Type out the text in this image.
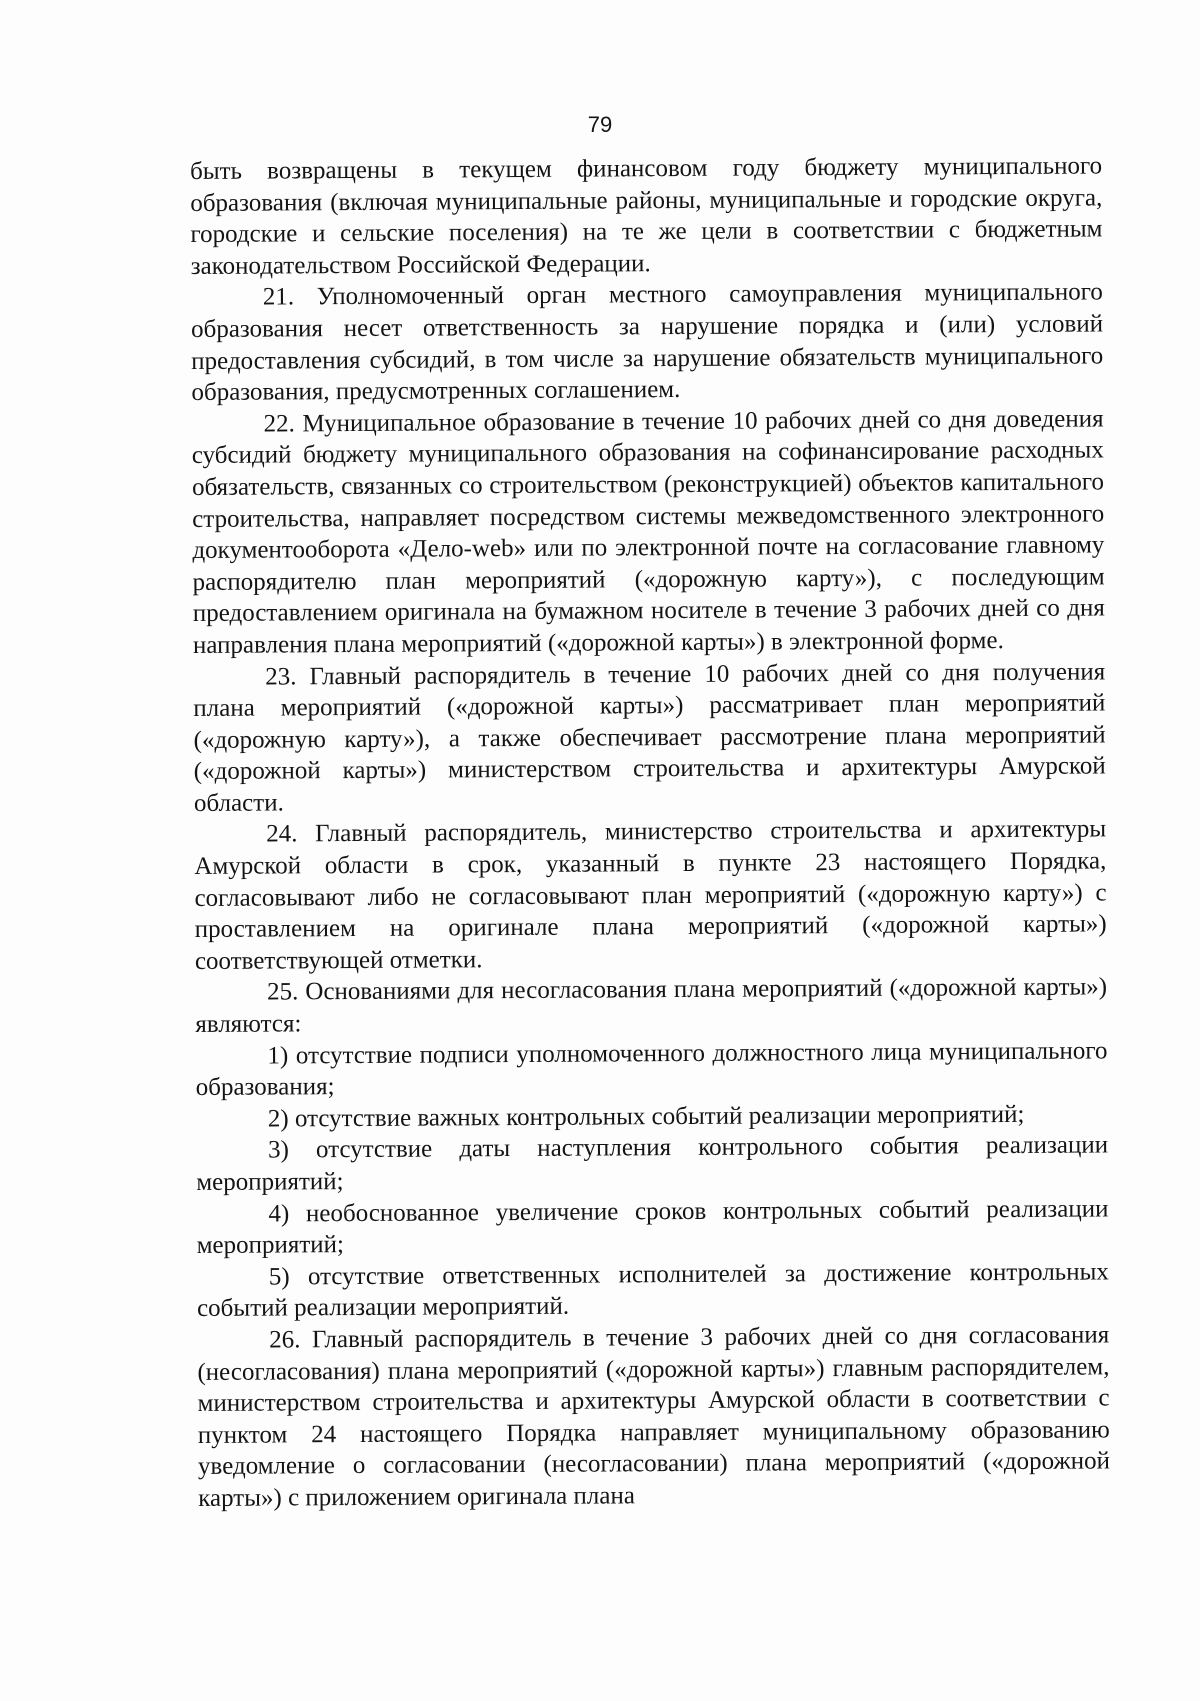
79

быть возвращены в текущем финансовом году бюджету муниципального образования (включая муниципальные районы, муниципальные и городские округа, городские и сельские поселения) на те же цели в соответствии с бюджетным законодательством Российской Федерации.

21. Уполномоченный орган местного самоуправления муниципального образования несет ответственность за нарушение порядка и (или) условий предоставления субсидий, в том числе за нарушение обязательств муниципального образования, предусмотренных соглашением.

22. Муниципальное образование в течение 10 рабочих дней со дня доведения субсидий бюджету муниципального образования на софинансирование расходных обязательств, связанных со строительством (реконструкцией) объектов капитального строительства, направляет посредством системы межведомственного электронного документооборота «Дело-web» или по электронной почте на согласование главному распорядителю план мероприятий («дорожную карту»), с последующим предоставлением оригинала на бумажном носителе в течение 3 рабочих дней со дня направления плана мероприятий («дорожной карты») в электронной форме.

23. Главный распорядитель в течение 10 рабочих дней со дня получения плана мероприятий («дорожной карты») рассматривает план мероприятий («дорожную карту»), а также обеспечивает рассмотрение плана мероприятий («дорожной карты») министерством строительства и архитектуры Амурской области.

24. Главный распорядитель, министерство строительства и архитектуры Амурской области в срок, указанный в пункте 23 настоящего Порядка, согласовывают либо не согласовывают план мероприятий («дорожную карту») с проставлением на оригинале плана мероприятий («дорожной карты») соответствующей отметки.

25. Основаниями для несогласования плана мероприятий («дорожной карты») являются:

1) отсутствие подписи уполномоченного должностного лица муниципального образования;

2) отсутствие важных контрольных событий реализации мероприятий;

3) отсутствие даты наступления контрольного события реализации мероприятий;

4) необоснованное увеличение сроков контрольных событий реализации мероприятий;

5) отсутствие ответственных исполнителей за достижение контрольных событий реализации мероприятий.

26. Главный распорядитель в течение 3 рабочих дней со дня согласования (несогласования) плана мероприятий («дорожной карты») главным распорядителем, министерством строительства и архитектуры Амурской области в соответствии с пунктом 24 настоящего Порядка направляет муниципальному образованию уведомление о согласовании (несогласовании) плана мероприятий («дорожной карты») с приложением оригинала плана
